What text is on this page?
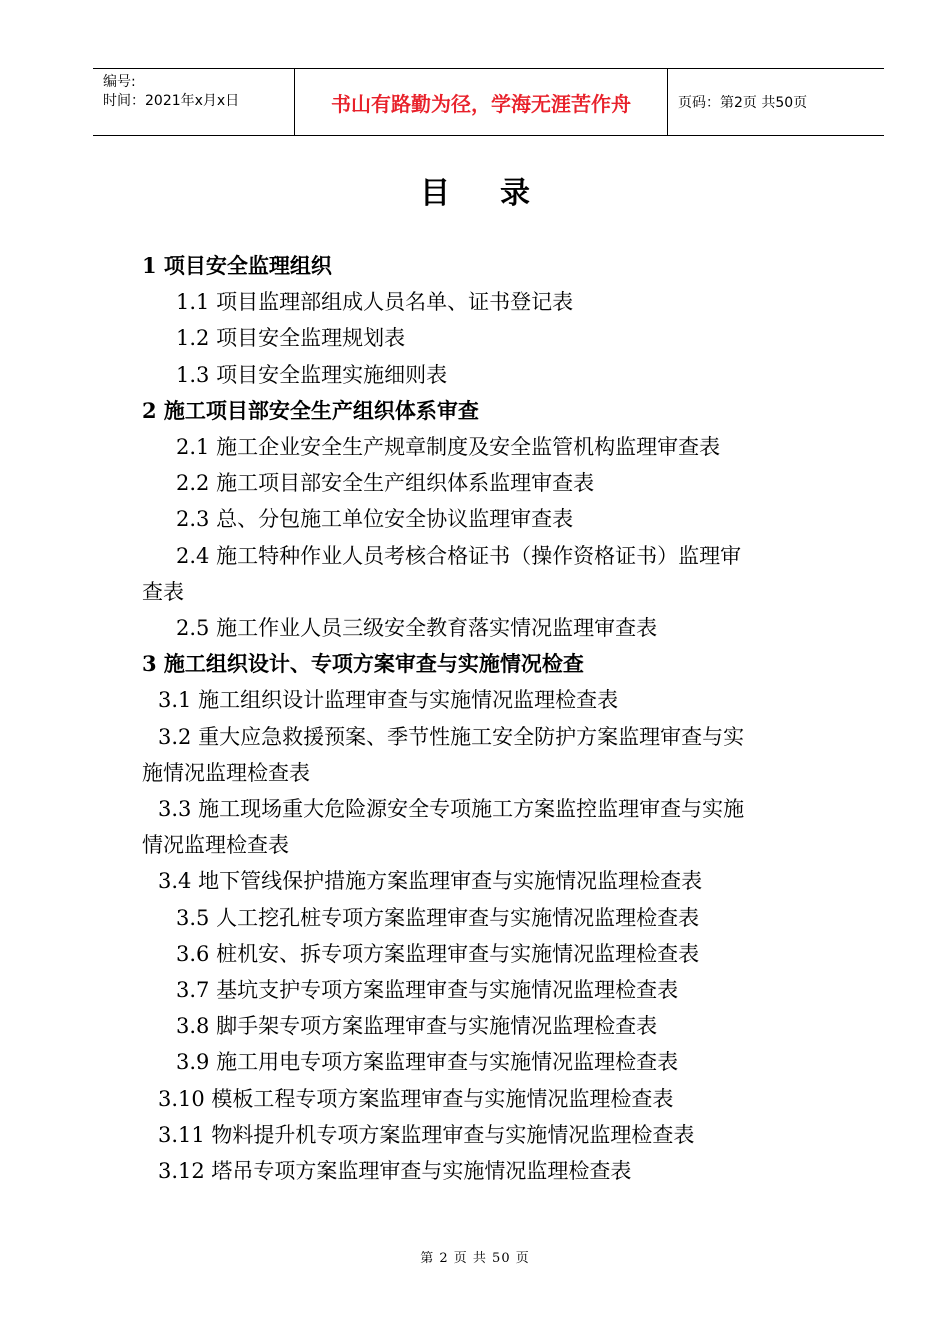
编号:
时间：2021年x月x日	书山有路勤为径，学海无涯苦作舟	页码：第2页 共50页
目录
1 项目安全监理组织
1.1 项目监理部组成人员名单、证书登记表
1.2 项目安全监理规划表
1.3 项目安全监理实施细则表
2 施工项目部安全生产组织体系审查
2.1 施工企业安全生产规章制度及安全监管机构监理审查表
2.2 施工项目部安全生产组织体系监理审查表
2.3 总、分包施工单位安全协议监理审查表
2.4 施工特种作业人员考核合格证书（操作资格证书）监理审
查表
2.5 施工作业人员三级安全教育落实情况监理审查表
3 施工组织设计、专项方案审查与实施情况检查
3.1 施工组织设计监理审查与实施情况监理检查表
3.2 重大应急救援预案、季节性施工安全防护方案监理审查与实
施情况监理检查表
3.3 施工现场重大危险源安全专项施工方案监控监理审查与实施
情况监理检查表
3.4 地下管线保护措施方案监理审查与实施情况监理检查表
3.5 人工挖孔桩专项方案监理审查与实施情况监理检查表
3.6 桩机安、拆专项方案监理审查与实施情况监理检查表
3.7 基坑支护专项方案监理审查与实施情况监理检查表
3.8 脚手架专项方案监理审查与实施情况监理检查表
3.9 施工用电专项方案监理审查与实施情况监理检查表
3.10 模板工程专项方案监理审查与实施情况监理检查表
3.11 物料提升机专项方案监理审查与实施情况监理检查表
3.12 塔吊专项方案监理审查与实施情况监理检查表
第 2 页 共 50 页
